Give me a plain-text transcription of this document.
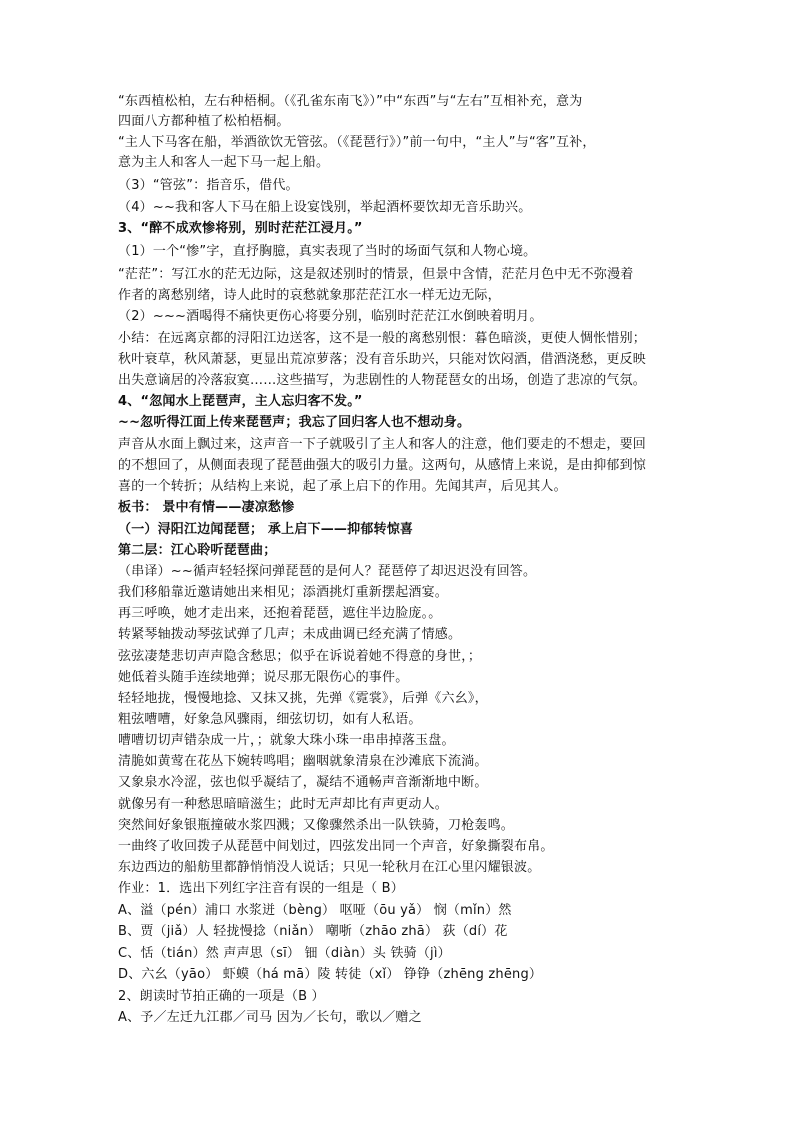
“东西植松柏，左右种梧桐。（《孔雀东南飞》）”中“东西”与“左右”互相补充，意为
四面八方都种植了松柏梧桐。
“主人下马客在船，举酒欲饮无管弦。（《琵琶行》）”前一句中，“主人”与“客”互补，
意为主人和客人一起下马一起上船。
（3）“管弦”：指音乐，借代。
（4）~~我和客人下马在船上设宴饯别，举起酒杯要饮却无音乐助兴。
3、“醉不成欢惨将别，别时茫茫江浸月。”
（1）一个“惨”字，直抒胸臆，真实表现了当时的场面气氛和人物心境。
“茫茫”：写江水的茫无边际，这是叙述别时的情景，但景中含情，茫茫月色中无不弥漫着
作者的离愁别绪，诗人此时的哀愁就象那茫茫江水一样无边无际，
（2）~~~酒喝得不痛快更伤心将要分别，临别时茫茫江水倒映着明月。
小结：在远离京都的浔阳江边送客，这不是一般的离愁别恨：暮色暗淡，更使人惆怅惜别；
秋叶衰草，秋风萧瑟，更显出荒凉萝落；没有音乐助兴，只能对饮闷酒，借酒浇愁，更反映
出失意谪居的冷落寂寞……这些描写，为悲剧性的人物琵琶女的出场，创造了悲凉的气氛。
4、“忽闻水上琵琶声，主人忘归客不发。”
~~忽听得江面上传来琵琶声；我忘了回归客人也不想动身。
声音从水面上飘过来，这声音一下子就吸引了主人和客人的注意，他们要走的不想走，要回
的不想回了，从侧面表现了琵琶曲强大的吸引力量。这两句，从感情上来说，是由抑郁到惊
喜的一个转折；从结构上来说，起了承上启下的作用。先闻其声，后见其人。
板书： 景中有情——凄凉愁惨
（一）浔阳江边闻琵琶； 承上启下——抑郁转惊喜
第二层：江心聆听琵琶曲；
（串译）~~循声轻轻探问弹琵琶的是何人？琵琶停了却迟迟没有回答。
我们移船靠近邀请她出来相见；添酒挑灯重新摆起酒宴。
再三呼唤，她才走出来，还抱着琵琶，遮住半边脸庞。。
转紧琴轴拨动琴弦试弹了几声；未成曲调已经充满了情感。
弦弦凄楚悲切声声隐含愁思；似乎在诉说着她不得意的身世，；
她低着头随手连续地弹；说尽那无限伤心的事件。
轻轻地拢，慢慢地捻、又抹又挑，先弹《霓裳》，后弹《六幺》，
粗弦嘈嘈，好象急风骤雨，细弦切切，如有人私语。
嘈嘈切切声错杂成一片，；就象大珠小珠一串串掉落玉盘。
清脆如黄莺在花丛下婉转鸣唱；幽咽就象清泉在沙滩底下流淌。
又象泉水冷涩，弦也似乎凝结了，凝结不通畅声音渐渐地中断。
就像另有一种愁思暗暗滋生；此时无声却比有声更动人。
突然间好象银瓶撞破水浆四溅；又像骤然杀出一队铁骑，刀枪轰鸣。
一曲终了收回拨子从琵琶中间划过，四弦发出同一个声音，好象撕裂布帛。
东边西边的船舫里都静悄悄没人说话；只见一轮秋月在江心里闪耀银波。
作业：1．选出下列红字注音有误的一组是（ B）
A、溢（pén）浦口 水浆迸（bèng） 呕哑（ōu yǎ） 悯（mǐn）然
B、贾（jiǎ）人 轻拢慢捻（niǎn） 嘲哳（zhāo zhā） 荻（dí）花
C、恬（tián）然 声声思（sī） 钿（diàn）头 铁骑（jì）
D、六幺（yāo） 虾蟆（há mā）陵 转徒（xǐ） 铮铮（zhēng zhēng）
2、朗读时节拍正确的一项是（B ）
A、予／左迁九江郡／司马 因为／长句，歌以／赠之
